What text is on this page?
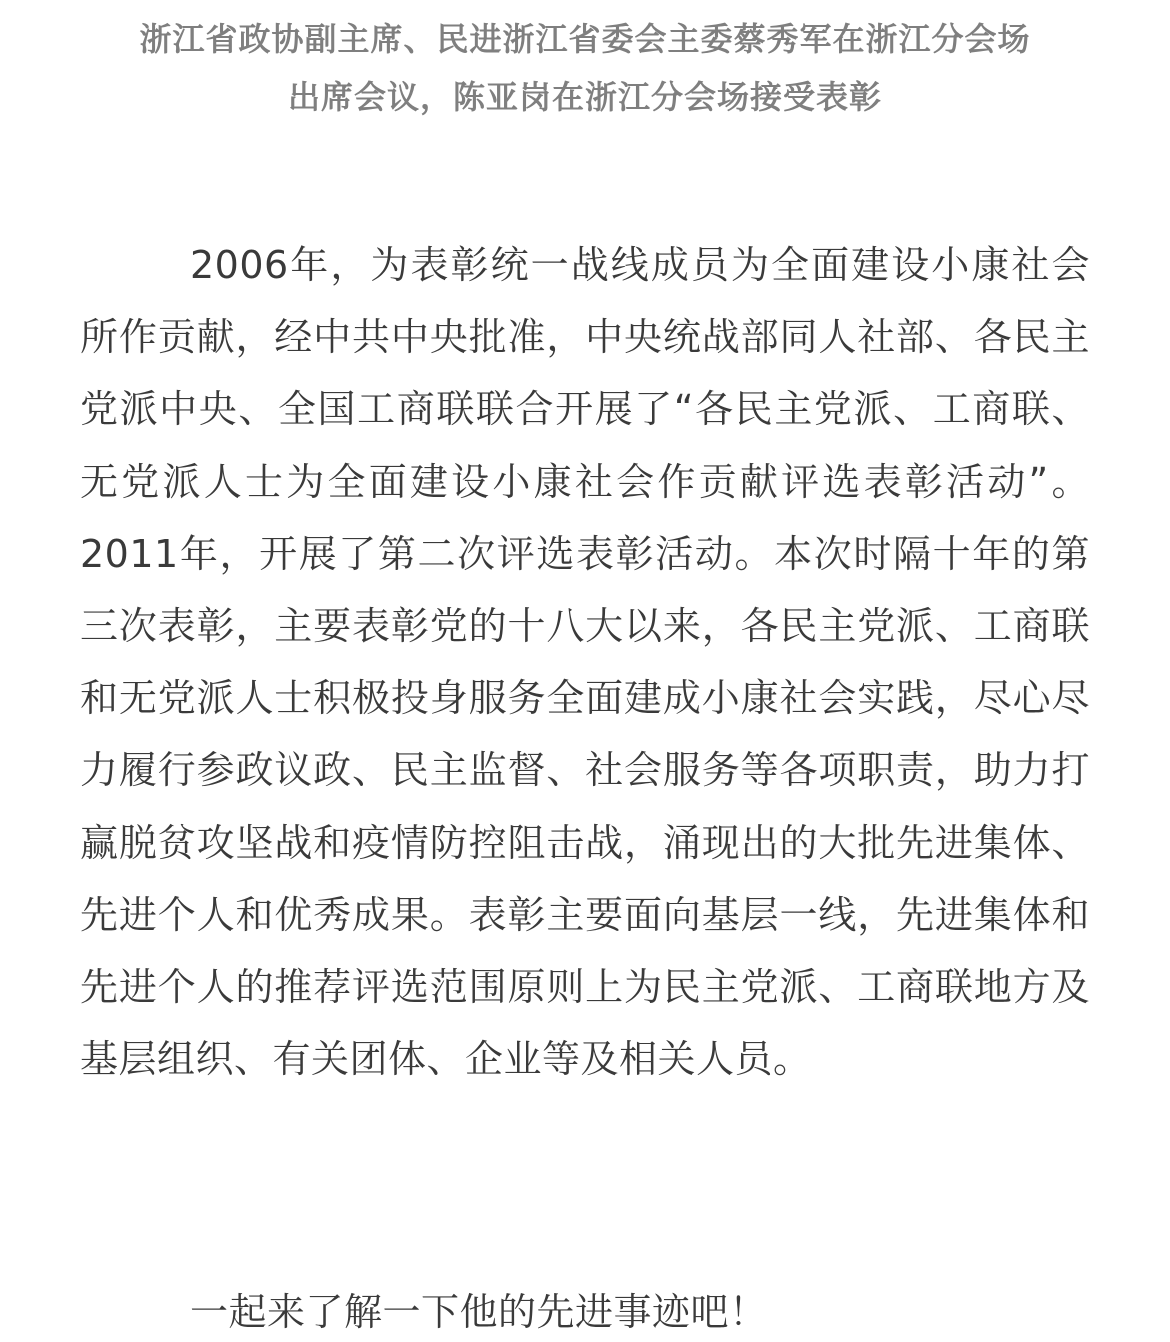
浙江省政协副主席、民进浙江省委会主委蔡秀军在浙江分会场
出席会议，陈亚岗在浙江分会场接受表彰

2006年，为表彰统一战线成员为全面建设小康社会所作贡献，经中共中央批准，中央统战部同人社部、各民主党派中央、全国工商联联合开展了“各民主党派、工商联、无党派人士为全面建设小康社会作贡献评选表彰活动”。2011年，开展了第二次评选表彰活动。本次时隔十年的第三次表彰，主要表彰党的十八大以来，各民主党派、工商联和无党派人士积极投身服务全面建成小康社会实践，尽心尽力履行参政议政、民主监督、社会服务等各项职责，助力打赢脱贫攻坚战和疫情防控阻击战，涌现出的大批先进集体、先进个人和优秀成果。表彰主要面向基层一线，先进集体和先进个人的推荐评选范围原则上为民主党派、工商联地方及基层组织、有关团体、企业等及相关人员。

一起来了解一下他的先进事迹吧！
